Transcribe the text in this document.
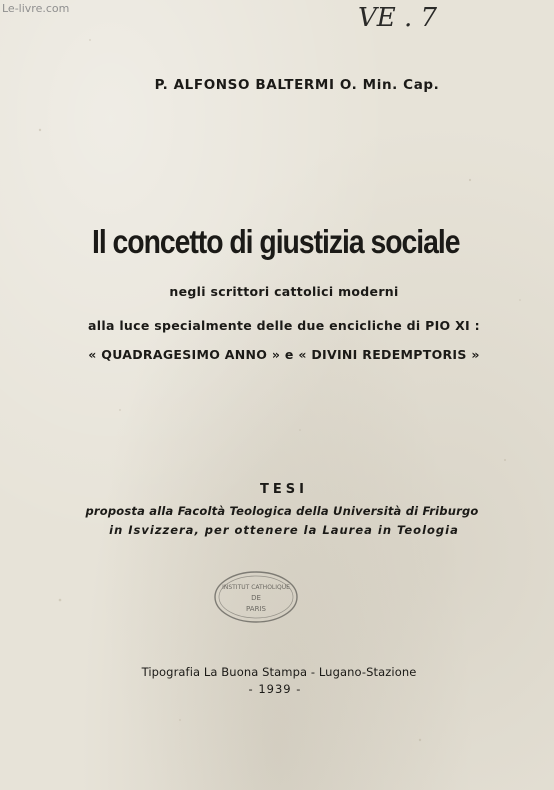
Le-livre.com	VE . 7
P. ALFONSO BALTERMI O. Min. Cap.
Il concetto di giustizia sociale
negli scrittori cattolici moderni
alla luce specialmente delle due encicliche di PIO XI :
« QUADRAGESIMO ANNO » e « DIVINI REDEMPTORIS »
TESI
proposta alla Facoltà Teologica della Università di Friburgo
in Isvizzera, per ottenere la Laurea in Teologia
INSTITUT CATHOLIQUE
DE
PARIS
Tipografia La Buona Stampa - Lugano-Stazione
- 1939 -
